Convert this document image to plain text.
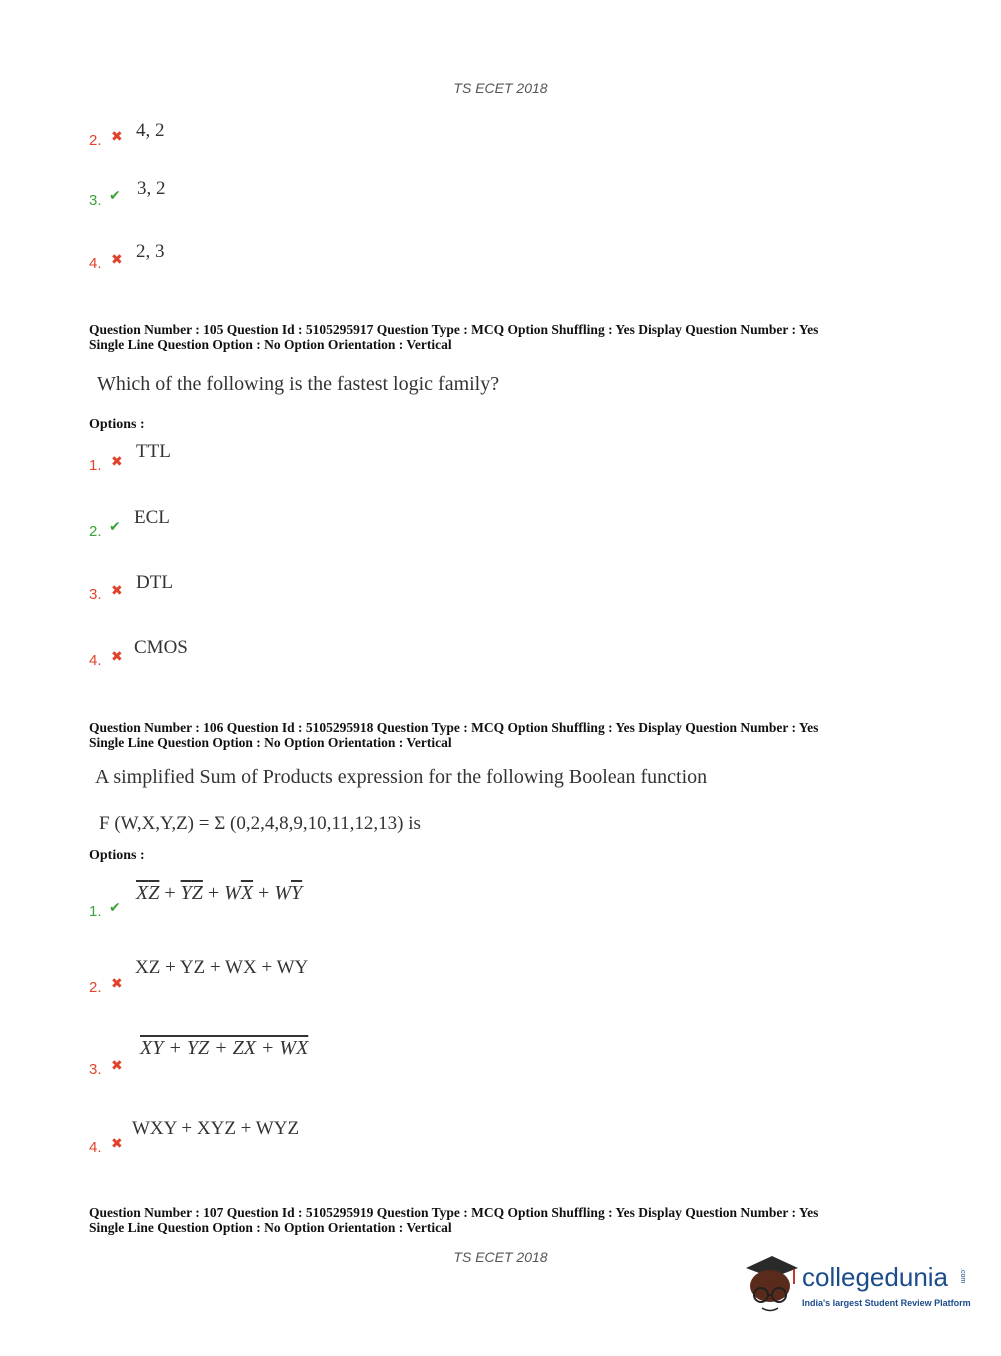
TS ECET 2018
2. ✖ 4, 2
3. ✔ 3, 2
4. ✖ 2, 3
Question Number : 105 Question Id : 5105295917 Question Type : MCQ Option Shuffling : Yes Display Question Number : Yes
Single Line Question Option : No Option Orientation : Vertical
Which of the following is the fastest logic family?
Options :
1. ✖ TTL
2. ✔ ECL
3. ✖ DTL
4. ✖ CMOS
Question Number : 106 Question Id : 5105295918 Question Type : MCQ Option Shuffling : Yes Display Question Number : Yes
Single Line Question Option : No Option Orientation : Vertical
A simplified Sum of Products expression for the following Boolean function
F (W,X,Y,Z) = Σ (0,2,4,8,9,10,11,12,13) is
Options :
1. ✔
$\overline{X}\overline{Z} + \overline{Y}\overline{Z} + W\overline{X} + W\overline{Y}$
2. ✖
XZ + YZ + WX + WY
3. ✖
XY + YZ + ZX + WX
4. ✖
WXY + XYZ + WYZ
Question Number : 107 Question Id : 5105295919 Question Type : MCQ Option Shuffling : Yes Display Question Number : Yes
Single Line Question Option : No Option Orientation : Vertical
TS ECET 2018
collegedunia .com
India's largest Student Review Platform
